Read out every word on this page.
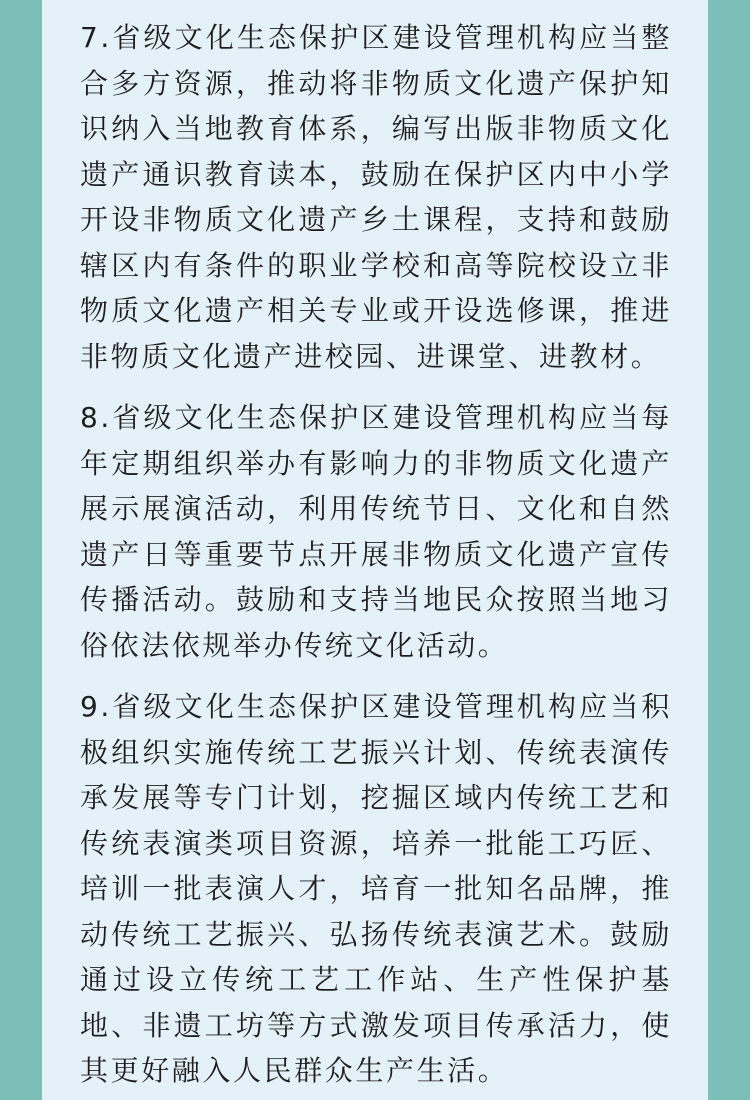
7.省级文化生态保护区建设管理机构应当整合多方资源，推动将非物质文化遗产保护知识纳入当地教育体系，编写出版非物质文化遗产通识教育读本，鼓励在保护区内中小学开设非物质文化遗产乡土课程，支持和鼓励辖区内有条件的职业学校和高等院校设立非物质文化遗产相关专业或开设选修课，推进非物质文化遗产进校园、进课堂、进教材。

8.省级文化生态保护区建设管理机构应当每年定期组织举办有影响力的非物质文化遗产展示展演活动，利用传统节日、文化和自然遗产日等重要节点开展非物质文化遗产宣传传播活动。鼓励和支持当地民众按照当地习俗依法依规举办传统文化活动。

9.省级文化生态保护区建设管理机构应当积极组织实施传统工艺振兴计划、传统表演传承发展等专门计划，挖掘区域内传统工艺和传统表演类项目资源，培养一批能工巧匠、培训一批表演人才，培育一批知名品牌，推动传统工艺振兴、弘扬传统表演艺术。鼓励通过设立传统工艺工作站、生产性保护基地、非遗工坊等方式激发项目传承活力，使其更好融入人民群众生产生活。
